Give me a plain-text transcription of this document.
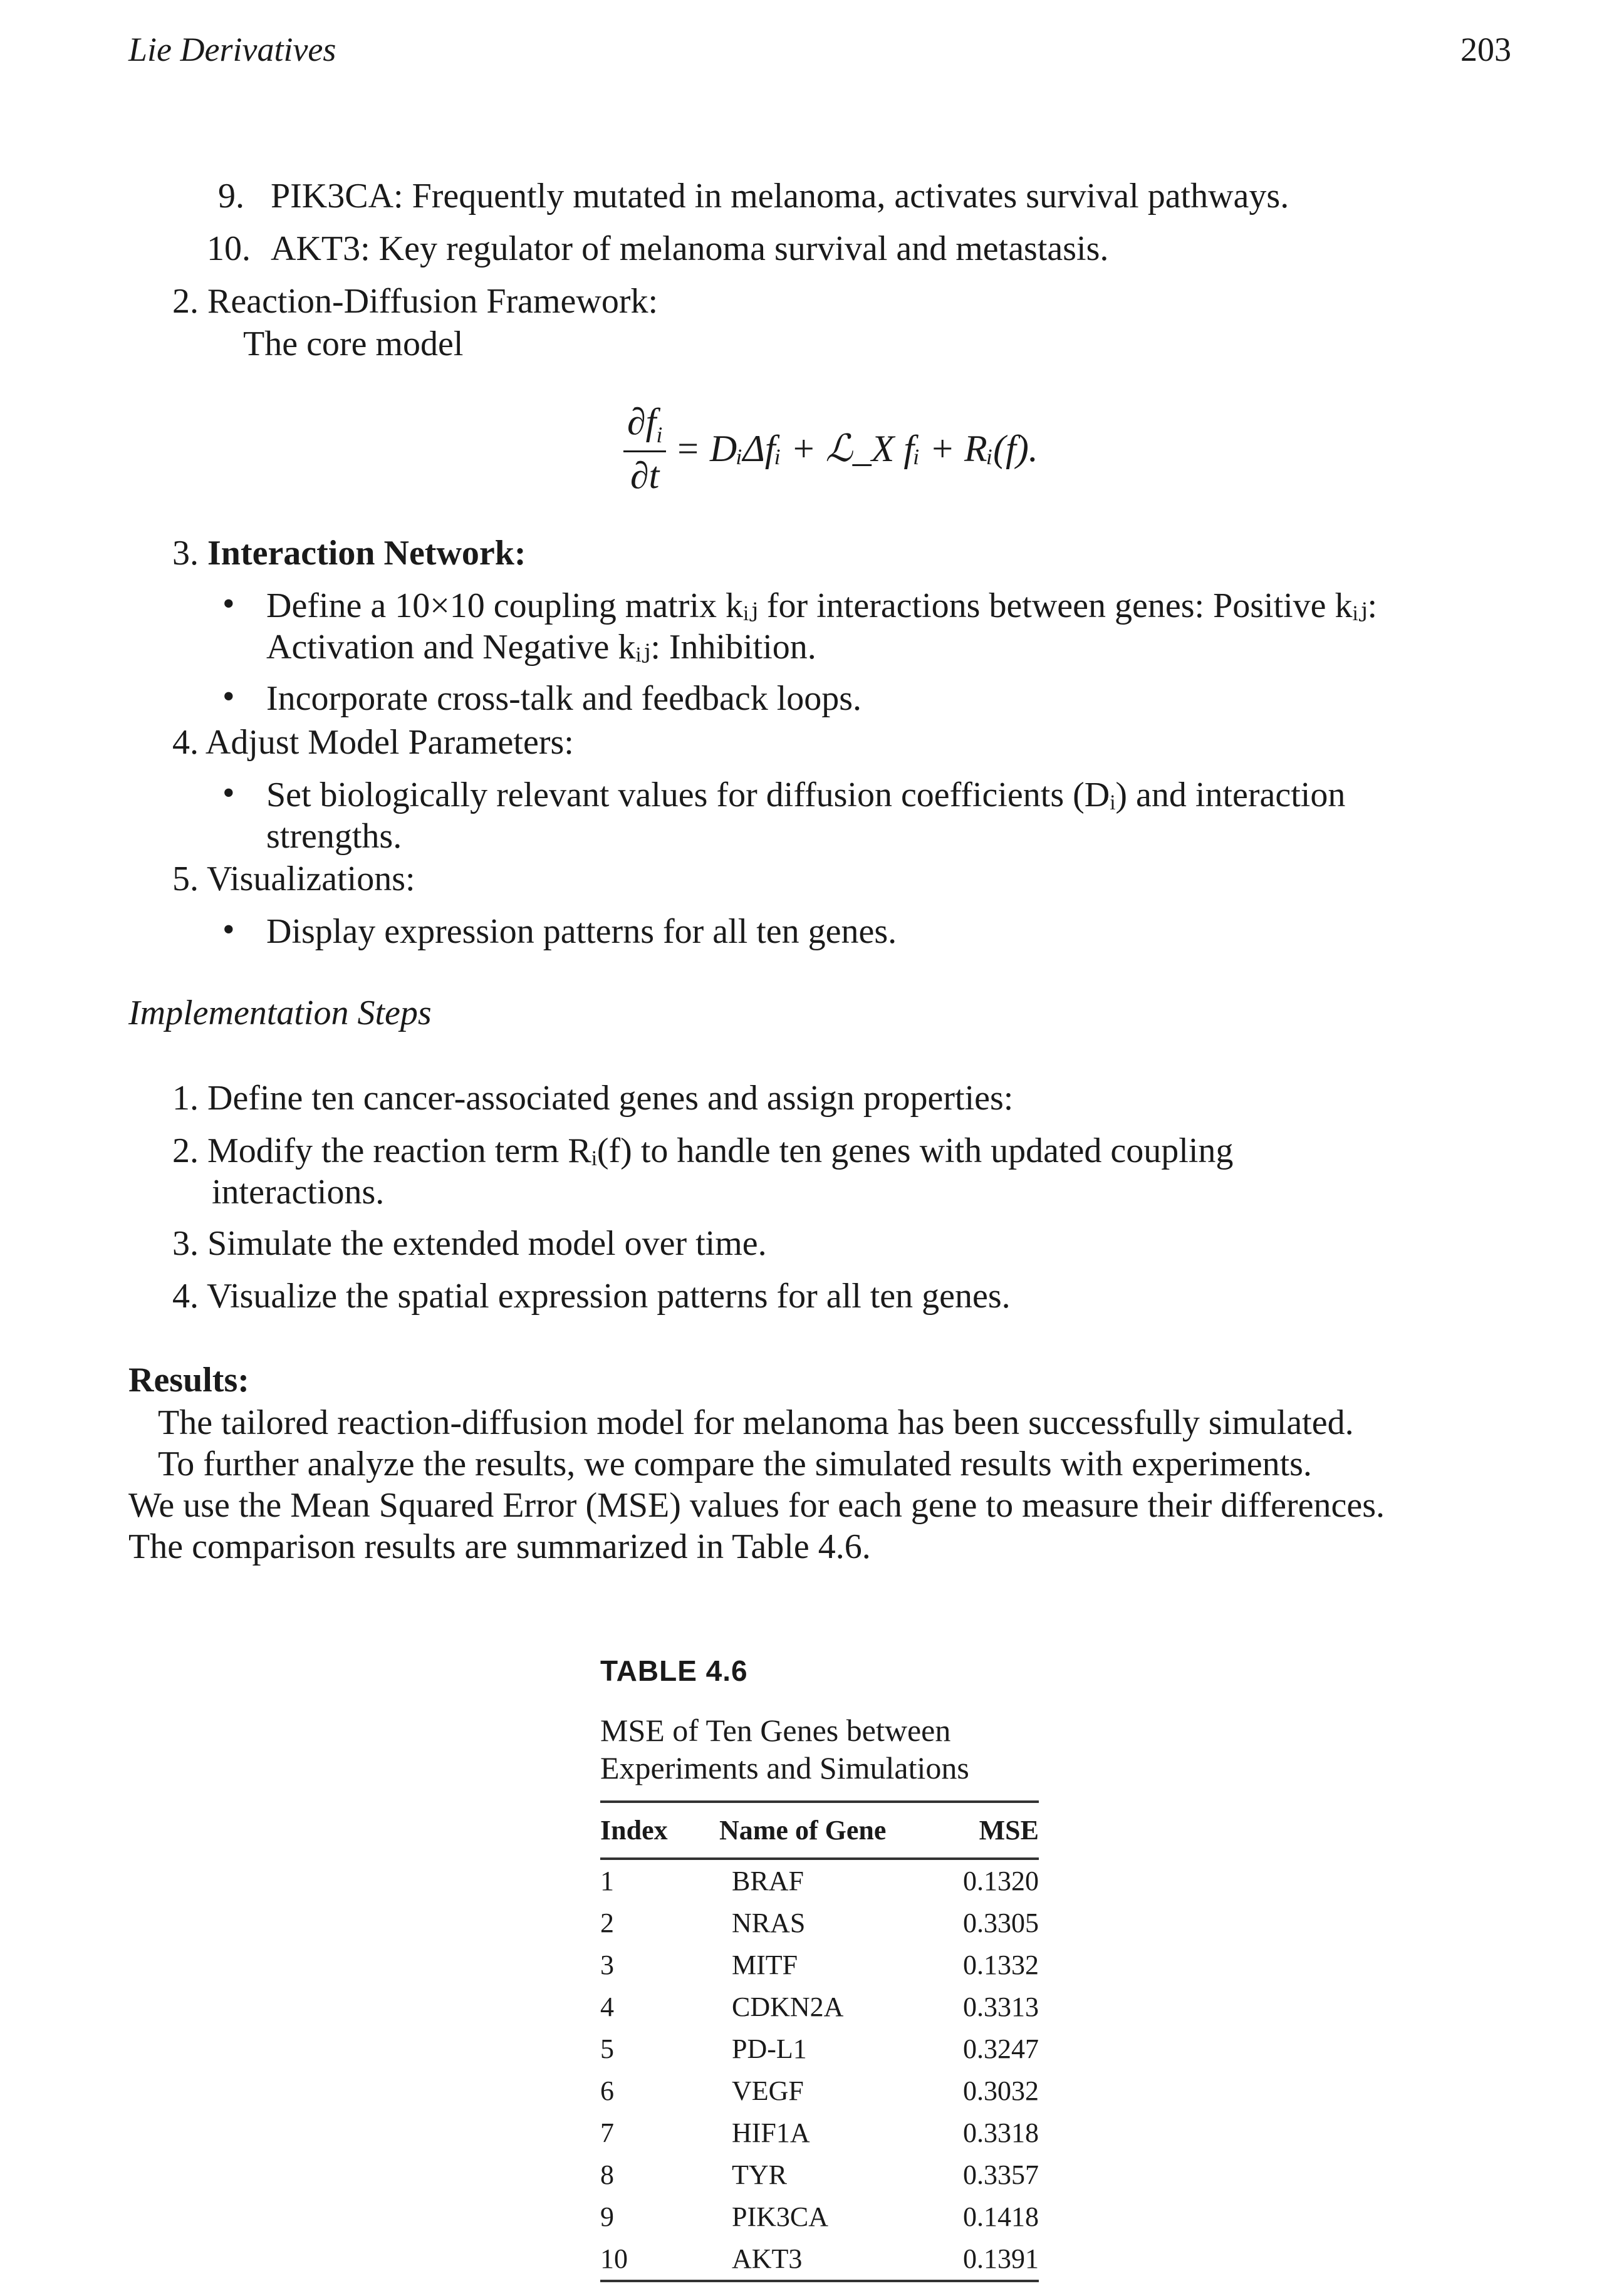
Lie Derivatives	203
9. PIK3CA: Frequently mutated in melanoma, activates survival pathways.
10. AKT3: Key regulator of melanoma survival and metastasis.
2. Reaction-Diffusion Framework:
The core model
$\frac{\partial f_i}{\partial t}$ = DᵢΔfᵢ + ℒ_X fᵢ + Rᵢ(f).
3. Interaction Network:
• Define a 10×10 coupling matrix kᵢⱼ for interactions between genes: Positive kᵢⱼ:
Activation and Negative kᵢⱼ: Inhibition.
• Incorporate cross-talk and feedback loops.
4. Adjust Model Parameters:
• Set biologically relevant values for diffusion coefficients (Dᵢ) and interaction
strengths.
5. Visualizations:
• Display expression patterns for all ten genes.
Implementation Steps
1. Define ten cancer-associated genes and assign properties:
2. Modify the reaction term Rᵢ(f) to handle ten genes with updated coupling
interactions.
3. Simulate the extended model over time.
4. Visualize the spatial expression patterns for all ten genes.
Results:
The tailored reaction-diffusion model for melanoma has been successfully simulated.
To further analyze the results, we compare the simulated results with experiments.
We use the Mean Squared Error (MSE) values for each gene to measure their differences.
The comparison results are summarized in Table 4.6.
TABLE 4.6
MSE of Ten Genes between
Experiments and Simulations
Index	Name of Gene	MSE
1	BRAF	0.1320
2	NRAS	0.3305
3	MITF	0.1332
4	CDKN2A	0.3313
5	PD-L1	0.3247
6	VEGF	0.3032
7	HIF1A	0.3318
8	TYR	0.3357
9	PIK3CA	0.1418
10	AKT3	0.1391
